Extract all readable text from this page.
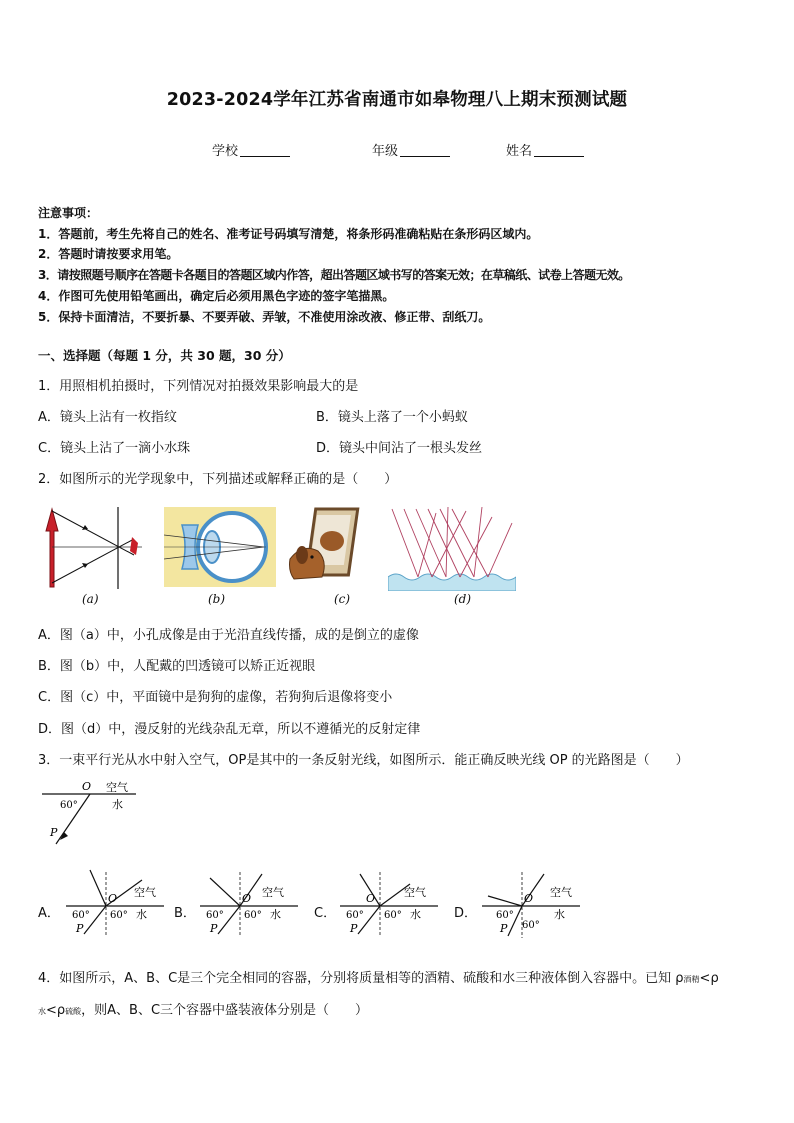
2023-2024学年江苏省南通市如皋物理八上期末预测试题
学校	年级	姓名
注意事项：
1．答题前，考生先将自己的姓名、准考证号码填写清楚，将条形码准确粘贴在条形码区域内。
2．答题时请按要求用笔。
3．请按照题号顺序在答题卡各题目的答题区域内作答，超出答题区域书写的答案无效；在草稿纸、试卷上答题无效。
4．作图可先使用铅笔画出，确定后必须用黑色字迹的签字笔描黑。
5．保持卡面清洁，不要折暴、不要弄破、弄皱，不准使用涂改液、修正带、刮纸刀。
一、选择题（每题 1 分，共 30 题，30 分）
1．用照相机拍摄时，下列情况对拍摄效果影响最大的是
A．镜头上沾有一枚指纹	B．镜头上落了一个小蚂蚁
C．镜头上沾了一滴小水珠	D．镜头中间沾了一根头发丝
2．如图所示的光学现象中，下列描述或解释正确的是（　　）
(a)	(b)	(c)	(d)
A．图（a）中，小孔成像是由于光沿直线传播，成的是倒立的虚像
B．图（b）中，人配戴的凹透镜可以矫正近视眼
C．图（c）中，平面镜中是狗狗的虚像，若狗狗后退像将变小
D．图（d）中，漫反射的光线杂乱无章，所以不遵循光的反射定律
3．一束平行光从水中射入空气，OP是其中的一条反射光线，如图所示．能正确反映光线 OP 的光路图是（　　）
O 空气
水
60°
P
A．
O 空气
水
60° 60°
P
B．
O 空气
水
60° 60°
P
C．
O	空气
水
60° 60°
P
D．
O 空气
水
60°
60°
P
4．如图所示，A、B、C是三个完全相同的容器，分别将质量相等的酒精、硫酸和水三种液体倒入容器中。已知 ρ酒精<ρ
水<ρ硫酸，则A、B、C三个容器中盛装液体分别是（　　）
